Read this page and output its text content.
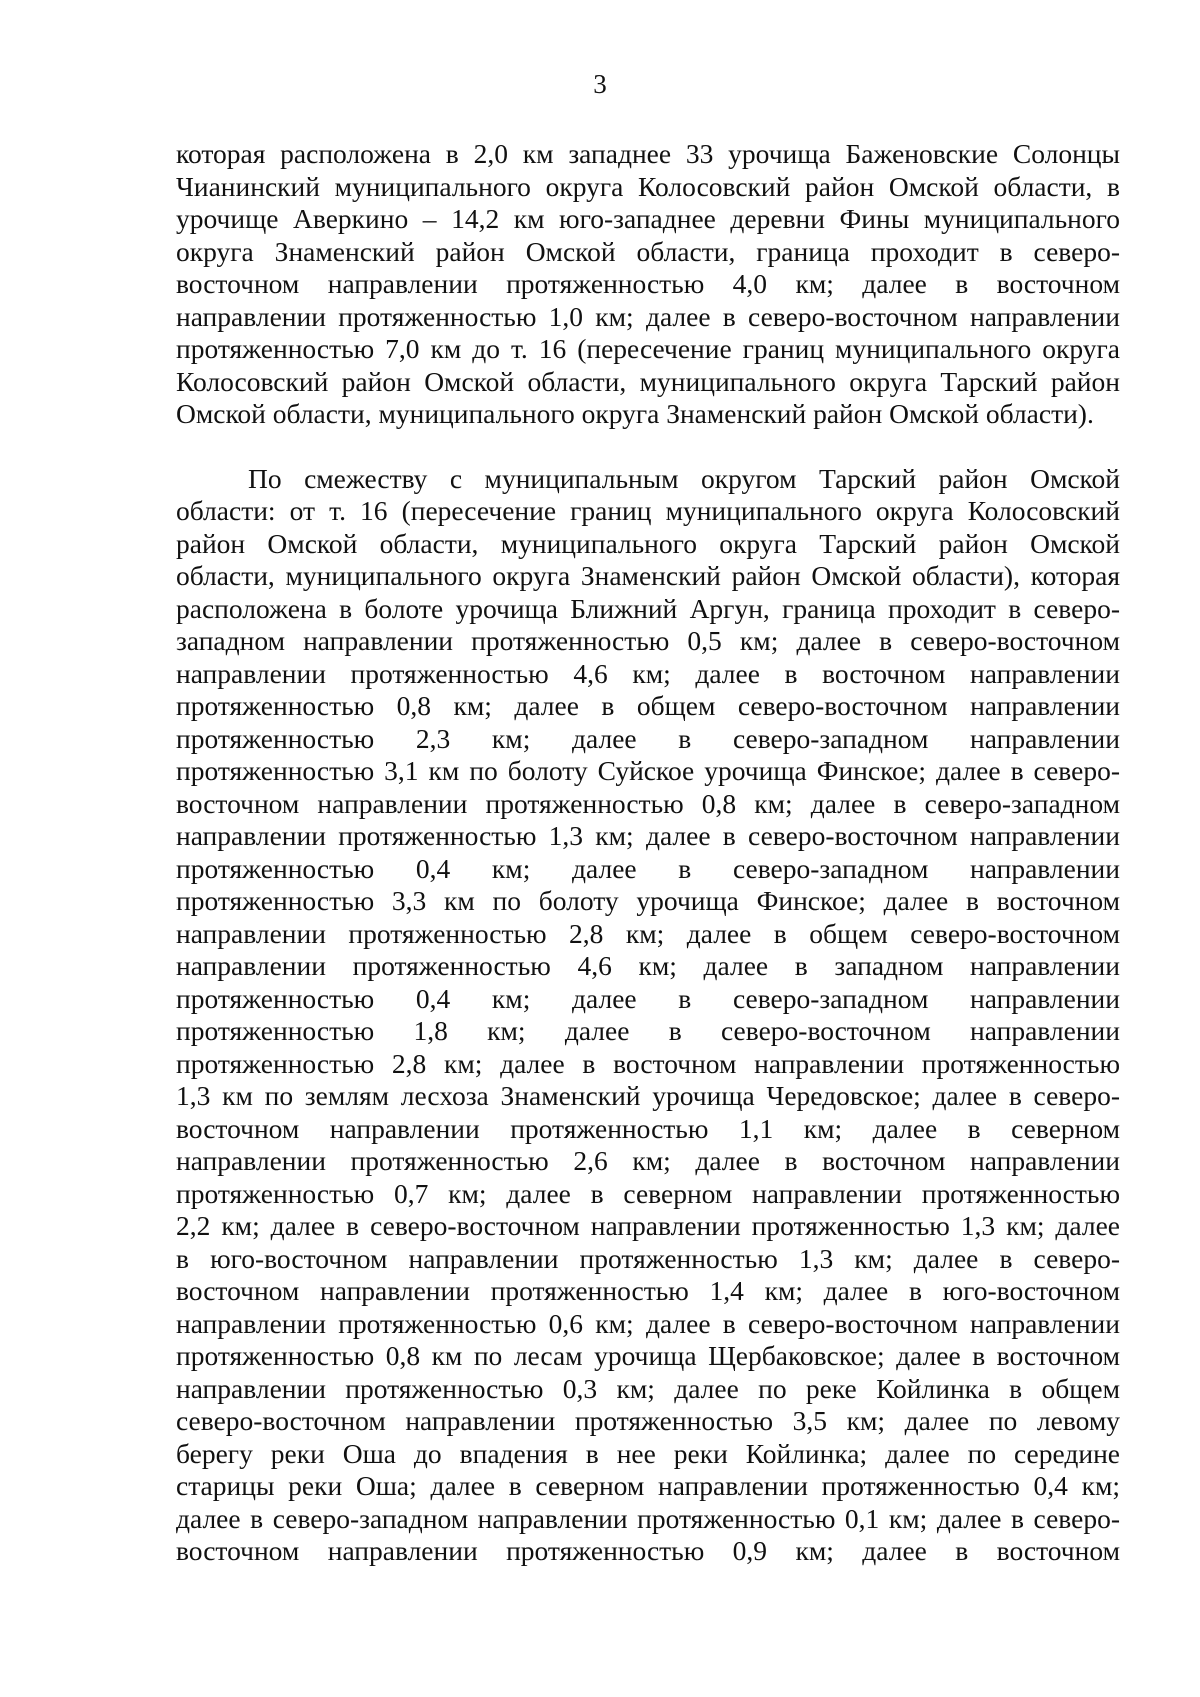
3
которая расположена в 2,0 км западнее 33 урочища Баженовские Солонцы
Чианинский муниципального округа Колосовский район Омской области, в
урочище Аверкино – 14,2 км юго-западнее деревни Фины муниципального
округа Знаменский район Омской области, граница проходит в северо-
восточном направлении протяженностью 4,0 км; далее в восточном
направлении протяженностью 1,0 км; далее в северо-восточном направлении
протяженностью 7,0 км до т. 16 (пересечение границ муниципального округа
Колосовский район Омской области, муниципального округа Тарский район
Омской области, муниципального округа Знаменский район Омской области).
По смежеству с муниципальным округом Тарский район Омской
области: от т. 16 (пересечение границ муниципального округа Колосовский
район Омской области, муниципального округа Тарский район Омской
области, муниципального округа Знаменский район Омской области), которая
расположена в болоте урочища Ближний Аргун, граница проходит в северо-
западном направлении протяженностью 0,5 км; далее в северо-восточном
направлении протяженностью 4,6 км; далее в восточном направлении
протяженностью 0,8 км; далее в общем северо-восточном направлении
протяженностью 2,3 км; далее в северо-западном направлении
протяженностью 3,1 км по болоту Суйское урочища Финское; далее в северо-
восточном направлении протяженностью 0,8 км; далее в северо-западном
направлении протяженностью 1,3 км; далее в северо-восточном направлении
протяженностью 0,4 км; далее в северо-западном направлении
протяженностью 3,3 км по болоту урочища Финское; далее в восточном
направлении протяженностью 2,8 км; далее в общем северо-восточном
направлении протяженностью 4,6 км; далее в западном направлении
протяженностью 0,4 км; далее в северо-западном направлении
протяженностью 1,8 км; далее в северо-восточном направлении
протяженностью 2,8 км; далее в восточном направлении протяженностью
1,3 км по землям лесхоза Знаменский урочища Чередовское; далее в северо-
восточном направлении протяженностью 1,1 км; далее в северном
направлении протяженностью 2,6 км; далее в восточном направлении
протяженностью 0,7 км; далее в северном направлении протяженностью
2,2 км; далее в северо-восточном направлении протяженностью 1,3 км; далее
в юго-восточном направлении протяженностью 1,3 км; далее в северо-
восточном направлении протяженностью 1,4 км; далее в юго-восточном
направлении протяженностью 0,6 км; далее в северо-восточном направлении
протяженностью 0,8 км по лесам урочища Щербаковское; далее в восточном
направлении протяженностью 0,3 км; далее по реке Койлинка в общем
северо-восточном направлении протяженностью 3,5 км; далее по левому
берегу реки Оша до впадения в нее реки Койлинка; далее по середине
старицы реки Оша; далее в северном направлении протяженностью 0,4 км;
далее в северо-западном направлении протяженностью 0,1 км; далее в северо-
восточном направлении протяженностью 0,9 км; далее в восточном
